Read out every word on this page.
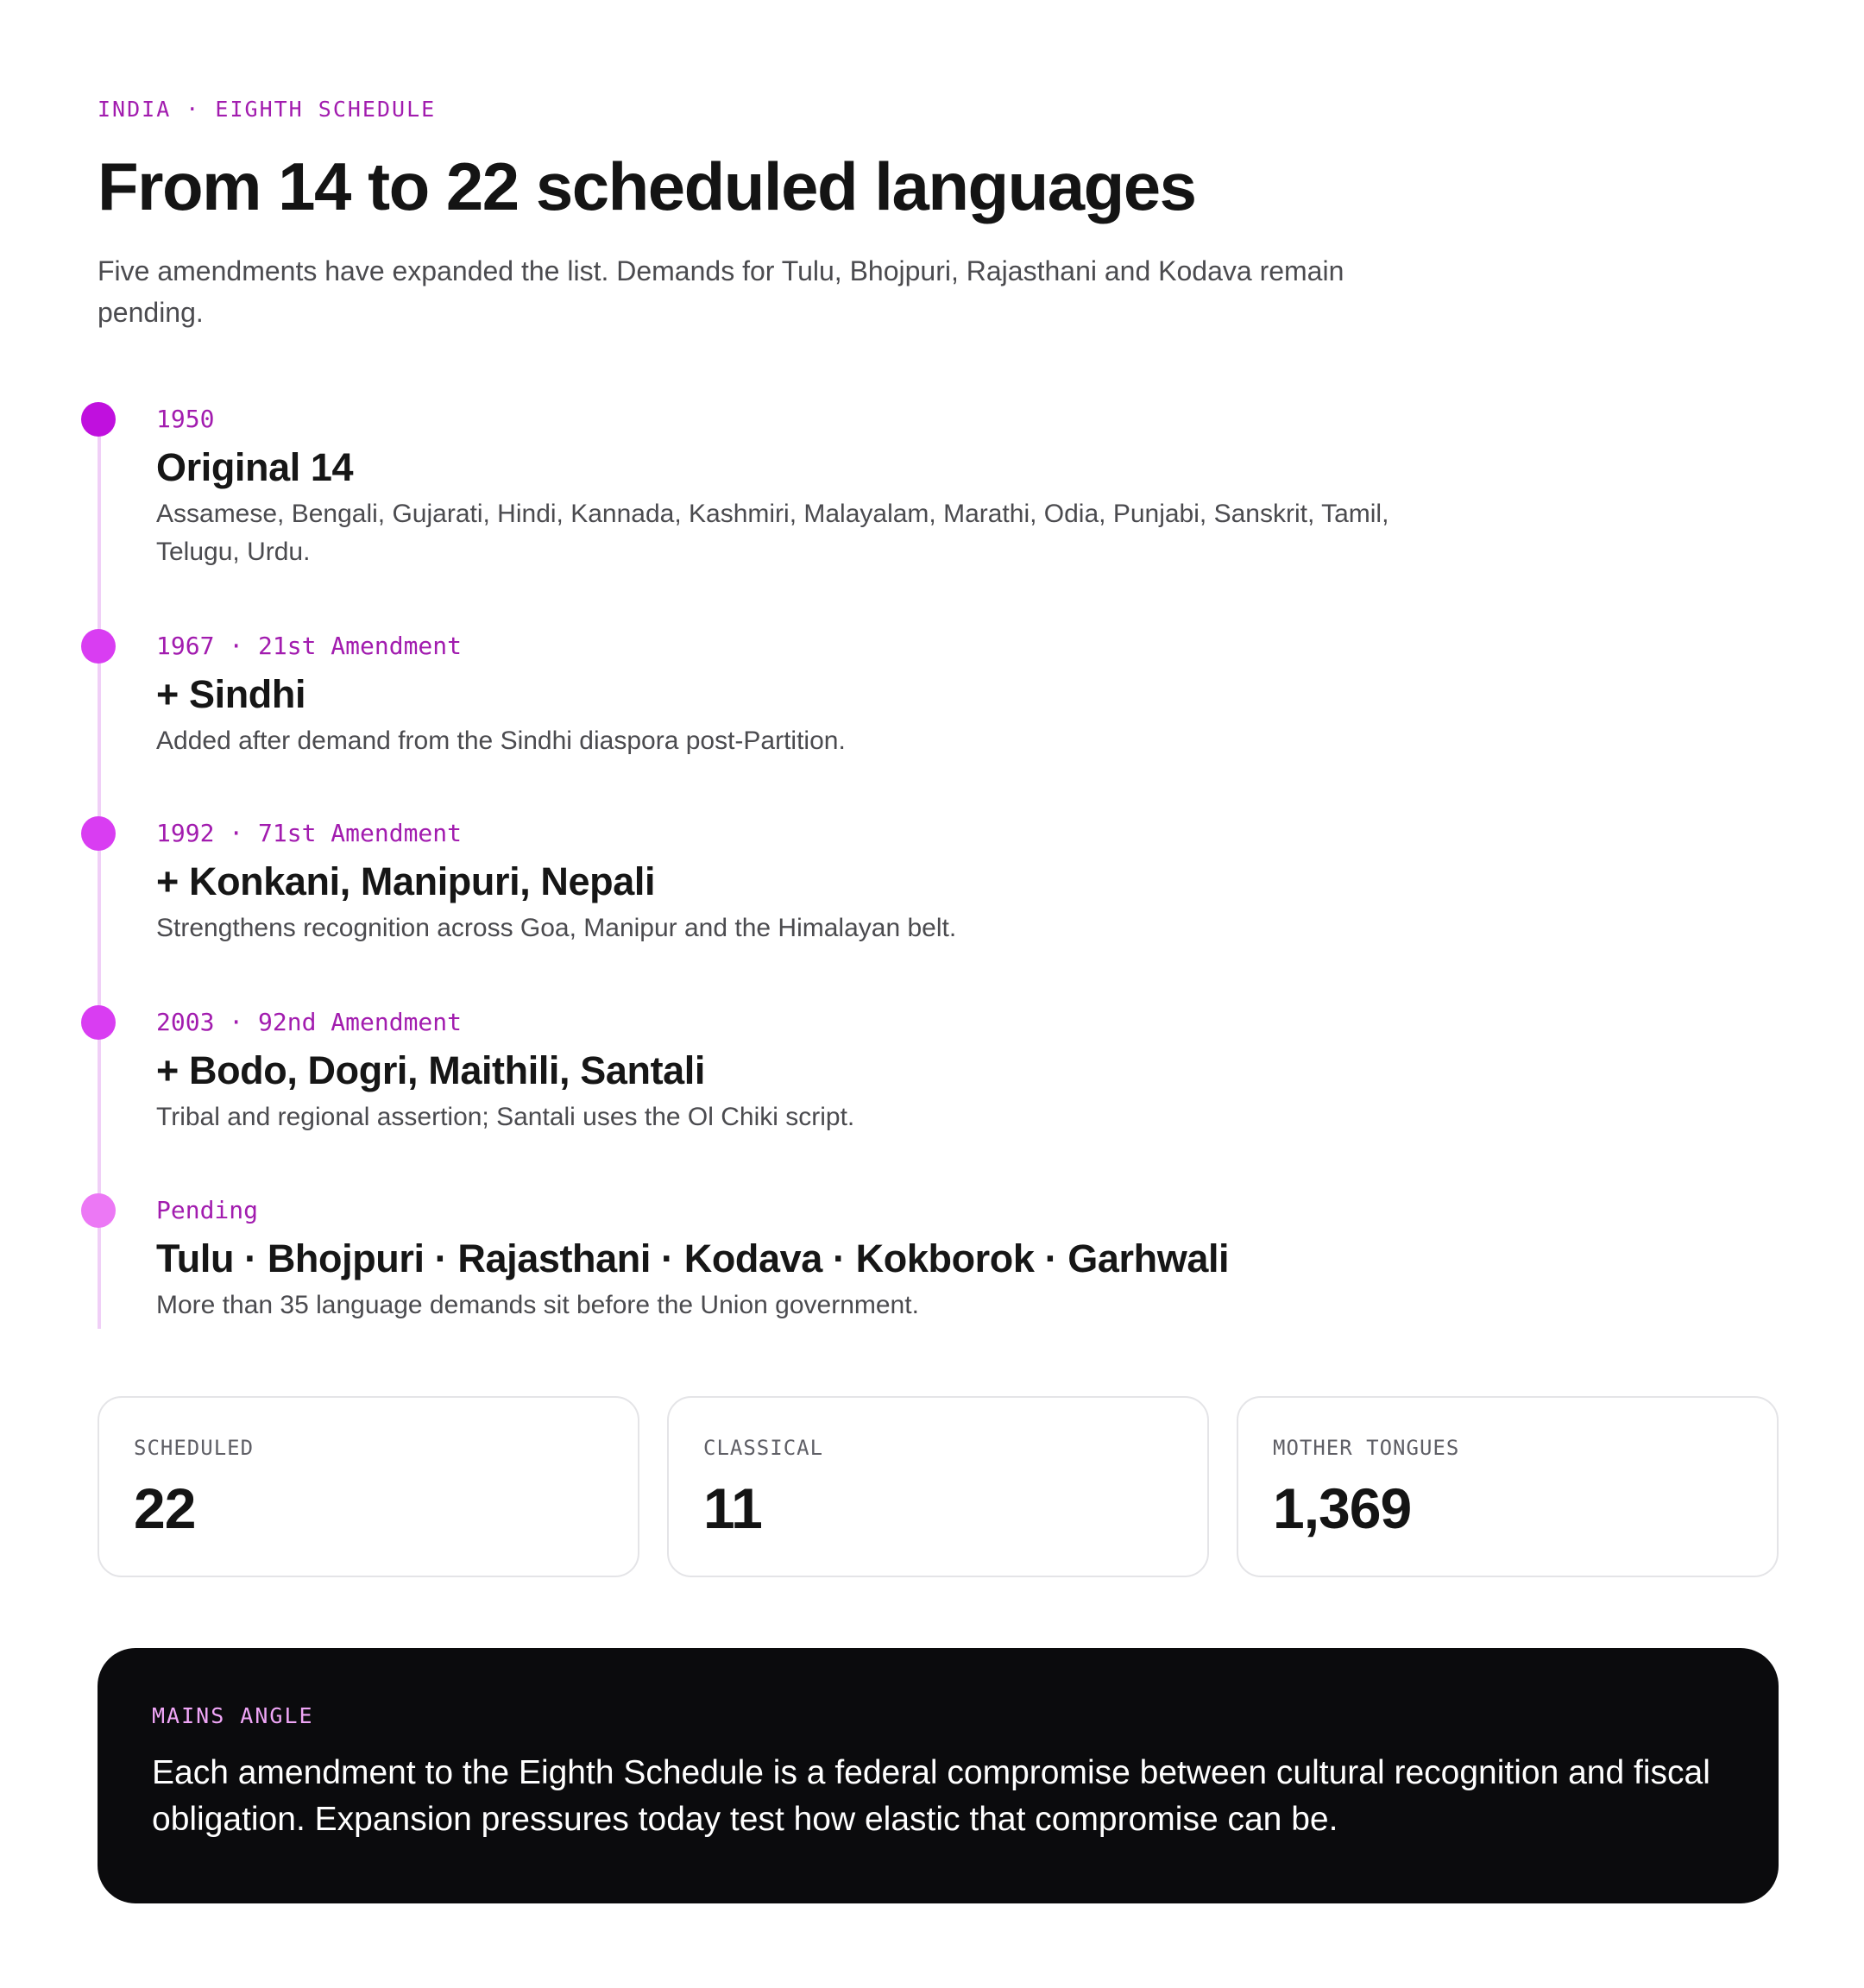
INDIA · EIGHTH SCHEDULE
From 14 to 22 scheduled languages

Five amendments have expanded the list. Demands for Tulu, Bhojpuri, Rajasthani and Kodava remain pending.

1950
Original 14

Assamese, Bengali, Gujarati, Hindi, Kannada, Kashmiri, Malayalam, Marathi, Odia, Punjabi, Sanskrit, Tamil, Telugu, Urdu.

1967 · 21st Amendment
+ Sindhi

Added after demand from the Sindhi diaspora post-Partition.

1992 · 71st Amendment
+ Konkani, Manipuri, Nepali

Strengthens recognition across Goa, Manipur and the Himalayan belt.

2003 · 92nd Amendment
+ Bodo, Dogri, Maithili, Santali

Tribal and regional assertion; Santali uses the Ol Chiki script.

Pending
Tulu · Bhojpuri · Rajasthani · Kodava · Kokborok · Garhwali

More than 35 language demands sit before the Union government.

SCHEDULED
22
CLASSICAL
11
MOTHER TONGUES
1,369
MAINS ANGLE

Each amendment to the Eighth Schedule is a federal compromise between cultural recognition and fiscal obligation. Expansion pressures today test how elastic that compromise can be.
